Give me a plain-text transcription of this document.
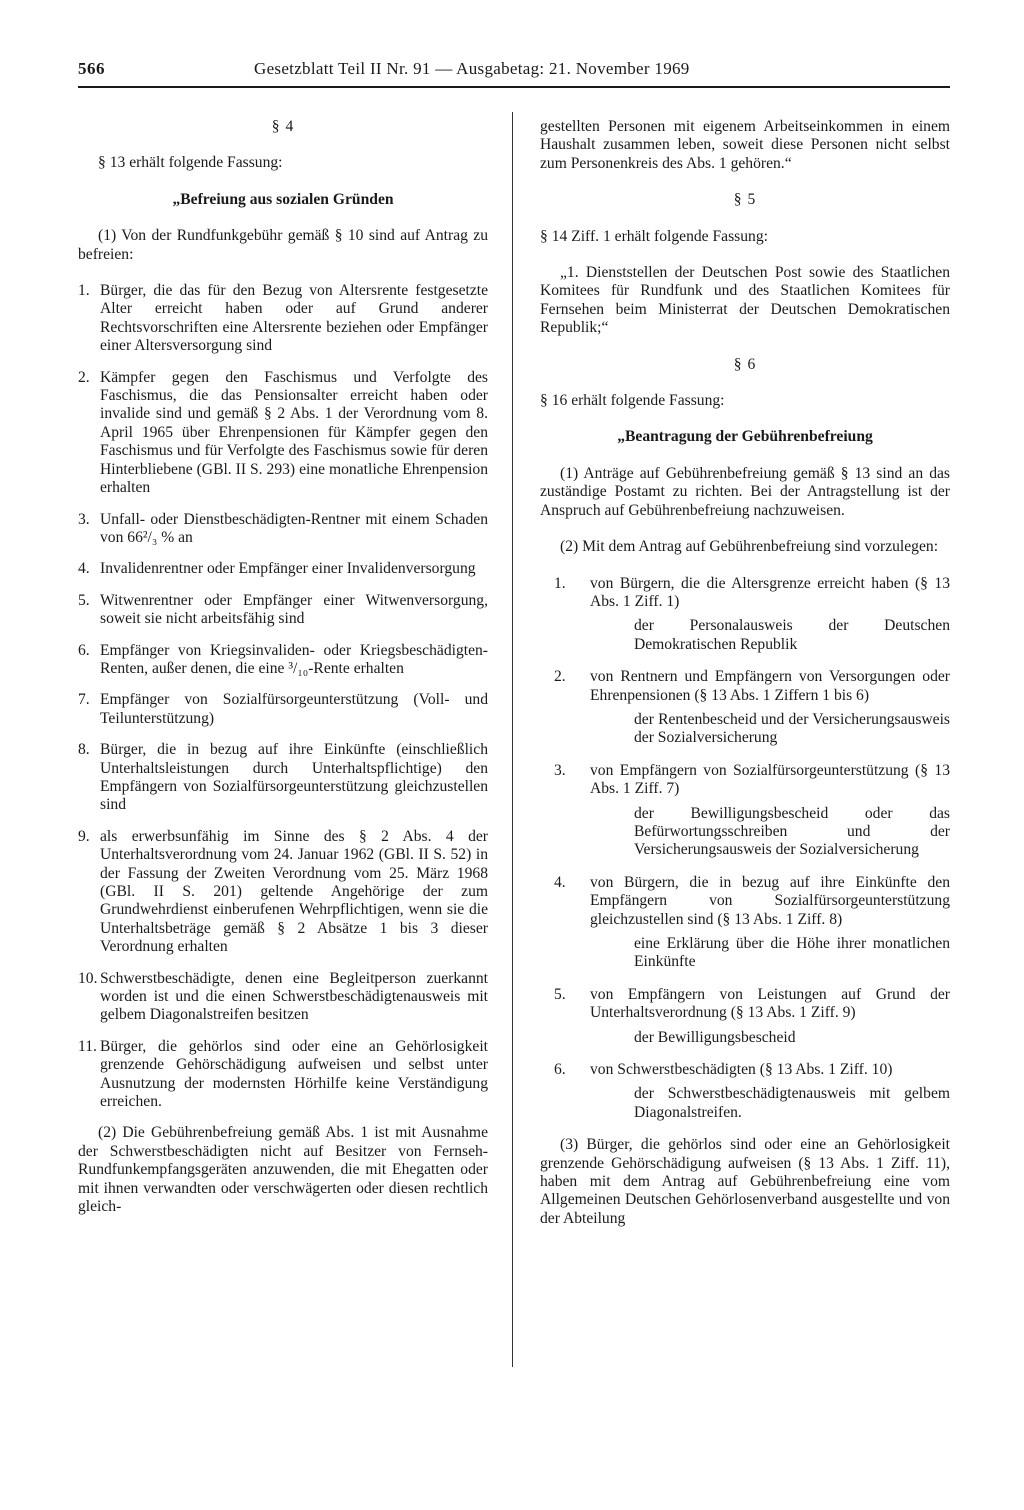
566	Gesetzblatt Teil II Nr. 91 — Ausgabetag: 21. November 1969
§ 4

§ 13 erhält folgende Fassung:

„Befreiung aus sozialen Gründen

(1) Von der Rundfunkgebühr gemäß § 10 sind auf Antrag zu befreien:

1. Bürger, die das für den Bezug von Altersrente festgesetzte Alter erreicht haben oder auf Grund anderer Rechtsvorschriften eine Altersrente beziehen oder Empfänger einer Altersversorgung sind
2. Kämpfer gegen den Faschismus und Verfolgte des Faschismus, die das Pensionsalter erreicht haben oder invalide sind und gemäß § 2 Abs. 1 der Verordnung vom 8. April 1965 über Ehrenpensionen für Kämpfer gegen den Faschismus und für Verfolgte des Faschismus sowie für deren Hinterbliebene (GBl. II S. 293) eine monatliche Ehrenpension erhalten
3. Unfall- oder Dienstbeschädigten-Rentner mit einem Schaden von 66²/₃ % an
4. Invalidenrentner oder Empfänger einer Invalidenversorgung
5. Witwenrentner oder Empfänger einer Witwenversorgung, soweit sie nicht arbeitsfähig sind
6. Empfänger von Kriegsinvaliden- oder Kriegsbeschädigten-Renten, außer denen, die eine ³/₁₀-Rente erhalten
7. Empfänger von Sozialfürsorgeunterstützung (Voll- und Teilunterstützung)
8. Bürger, die in bezug auf ihre Einkünfte (einschließlich Unterhaltsleistungen durch Unterhaltspflichtige) den Empfängern von Sozialfürsorgeunterstützung gleichzustellen sind
9. als erwerbsunfähig im Sinne des § 2 Abs. 4 der Unterhaltsverordnung vom 24. Januar 1962 (GBl. II S. 52) in der Fassung der Zweiten Verordnung vom 25. März 1968 (GBl. II S. 201) geltende Angehörige der zum Grundwehrdienst einberufenen Wehrpflichtigen, wenn sie die Unterhaltsbeträge gemäß § 2 Absätze 1 bis 3 dieser Verordnung erhalten
10. Schwerstbeschädigte, denen eine Begleitperson zuerkannt worden ist und die einen Schwerstbeschädigtenausweis mit gelbem Diagonalstreifen besitzen
11. Bürger, die gehörlos sind oder eine an Gehörlosigkeit grenzende Gehörschädigung aufweisen und selbst unter Ausnutzung der modernsten Hörhilfe keine Verständigung erreichen.

(2) Die Gebührenbefreiung gemäß Abs. 1 ist mit Ausnahme der Schwerstbeschädigten nicht auf Besitzer von Fernseh-Rundfunkempfangsgeräten anzuwenden, die mit Ehegatten oder mit ihnen verwandten oder verschwägerten oder diesen rechtlich gleich-

gestellten Personen mit eigenem Arbeitseinkommen in einem Haushalt zusammen leben, soweit diese Personen nicht selbst zum Personenkreis des Abs. 1 gehören.“

§ 5

§ 14 Ziff. 1 erhält folgende Fassung:

„1. Dienststellen der Deutschen Post sowie des Staatlichen Komitees für Rundfunk und des Staatlichen Komitees für Fernsehen beim Ministerrat der Deutschen Demokratischen Republik;“

§ 6

§ 16 erhält folgende Fassung:

„Beantragung der Gebührenbefreiung

(1) Anträge auf Gebührenbefreiung gemäß § 13 sind an das zuständige Postamt zu richten. Bei der Antragstellung ist der Anspruch auf Gebührenbefreiung nachzuweisen.

(2) Mit dem Antrag auf Gebührenbefreiung sind vorzulegen:

1.	von Bürgern, die die Altersgrenze erreicht haben (§ 13 Abs. 1 Ziff. 1)
der Personalausweis der Deutschen Demokratischen Republik
2.	von Rentnern und Empfängern von Versorgungen oder Ehrenpensionen (§ 13 Abs. 1 Ziffern 1 bis 6)
der Rentenbescheid und der Versicherungsausweis der Sozialversicherung
3.	von Empfängern von Sozialfürsorgeunterstützung (§ 13 Abs. 1 Ziff. 7)
der Bewilligungsbescheid oder das Befürwortungsschreiben und der Versicherungsausweis der Sozialversicherung
4.	von Bürgern, die in bezug auf ihre Einkünfte den Empfängern von Sozialfürsorgeunterstützung gleichzustellen sind (§ 13 Abs. 1 Ziff. 8)
eine Erklärung über die Höhe ihrer monatlichen Einkünfte
5.	von Empfängern von Leistungen auf Grund der Unterhaltsverordnung (§ 13 Abs. 1 Ziff. 9)
der Bewilligungsbescheid
6.	von Schwerstbeschädigten (§ 13 Abs. 1 Ziff. 10)
der Schwerstbeschädigtenausweis mit gelbem Diagonalstreifen.

(3) Bürger, die gehörlos sind oder eine an Gehörlosigkeit grenzende Gehörschädigung aufweisen (§ 13 Abs. 1 Ziff. 11), haben mit dem Antrag auf Gebührenbefreiung eine vom Allgemeinen Deutschen Gehörlosenverband ausgestellte und von der Abteilung
